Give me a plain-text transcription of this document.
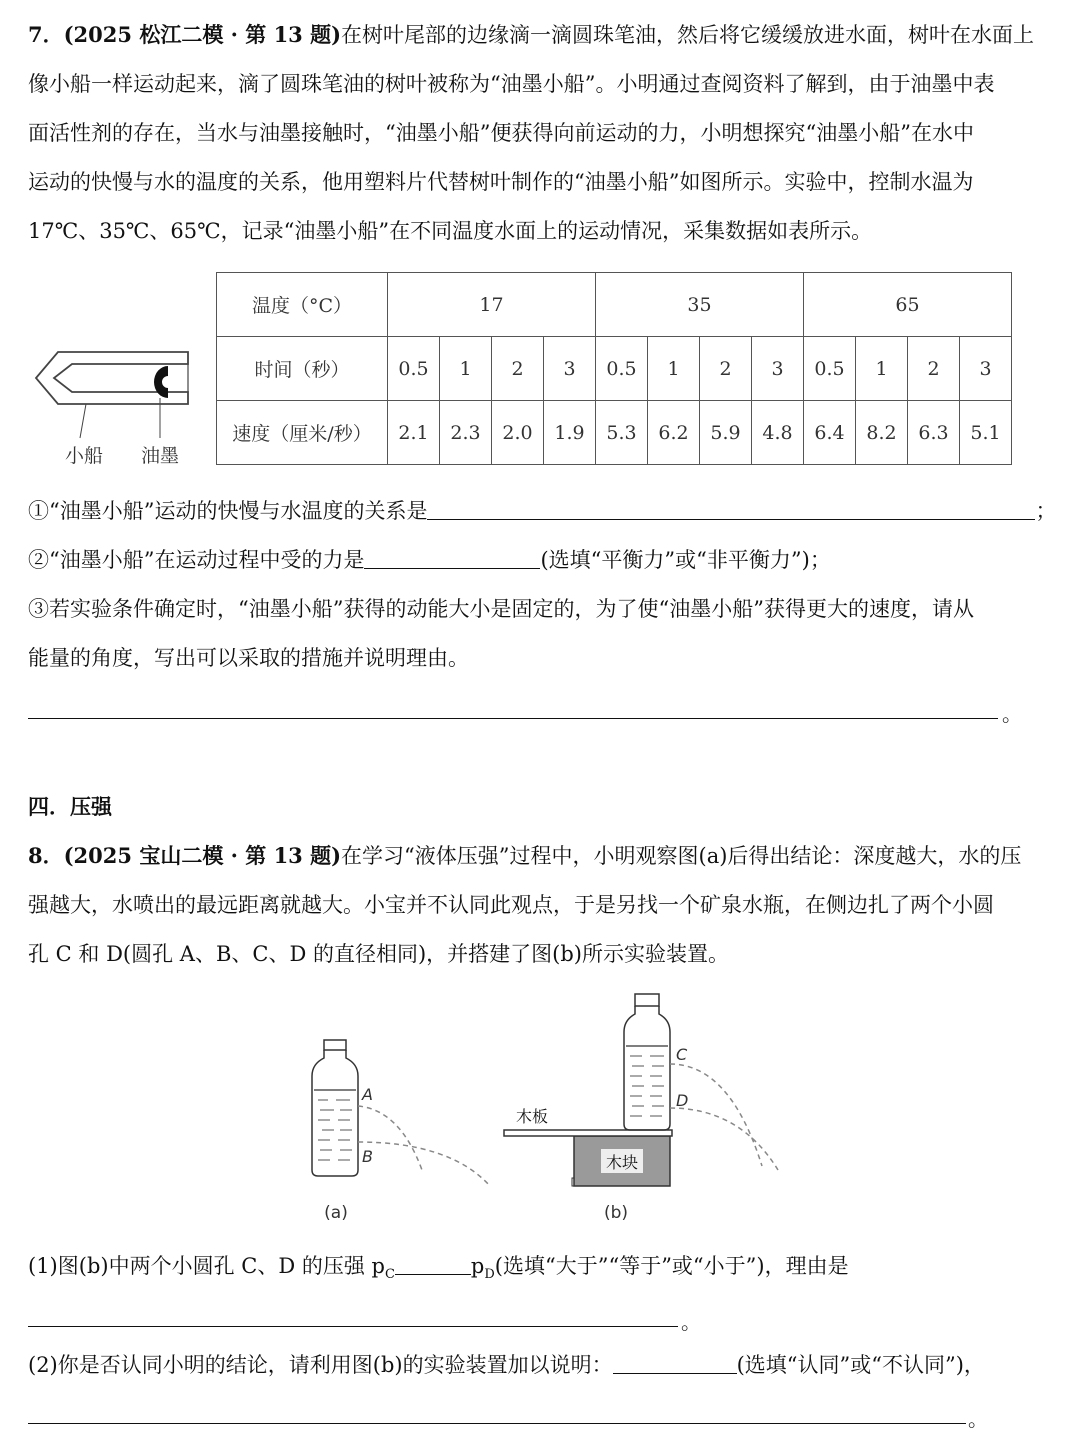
7．(2025 松江二模 · 第 13 题)在树叶尾部的边缘滴一滴圆珠笔油，然后将它缓缓放进水面，树叶在水面上
像小船一样运动起来，滴了圆珠笔油的树叶被称为“油墨小船”。小明通过查阅资料了解到，由于油墨中表
面活性剂的存在，当水与油墨接触时，“油墨小船”便获得向前运动的力，小明想探究“油墨小船”在水中
运动的快慢与水的温度的关系，他用塑料片代替树叶制作的“油墨小船”如图所示。实验中，控制水温为
17℃、35℃、65℃，记录“油墨小船”在不同温度水面上的运动情况，采集数据如表所示。
小船 油墨
温度（°C）	17				35				65			
时间（秒）	0.5	1	2	3	0.5	1	2	3	0.5	1	2	3
速度（厘米/秒）	2.1	2.3	2.0	1.9	5.3	6.2	5.9	4.8	6.4	8.2	6.3	5.1
①“油墨小船”运动的快慢与水温度的关系是	；
②“油墨小船”在运动过程中受的力是	(选填“平衡力”或“非平衡力”)；
③若实验条件确定时，“油墨小船”获得的动能大小是固定的，为了使“油墨小船”获得更大的速度，请从
能量的角度，写出可以采取的措施并说明理由。
。
四．压强
8．(2025 宝山二模 · 第 13 题)在学习“液体压强”过程中，小明观察图(a)后得出结论：深度越大，水的压
强越大，水喷出的最远距离就越大。小宝并不认同此观点，于是另找一个矿泉水瓶，在侧边扎了两个小圆
孔 C 和 D(圆孔 A、B、C、D 的直径相同)，并搭建了图(b)所示实验装置。
A
B
(a)
木块
木板
C
D
(b)
(1)图(b)中两个小圆孔 C、D 的压强 $p_C$	$p_D$(选填“大于”“等于”或“小于”)，理由是
。
(2)你是否认同小明的结论，请利用图(b)的实验装置加以说明：	(选填“认同”或“不认同”)，
。
